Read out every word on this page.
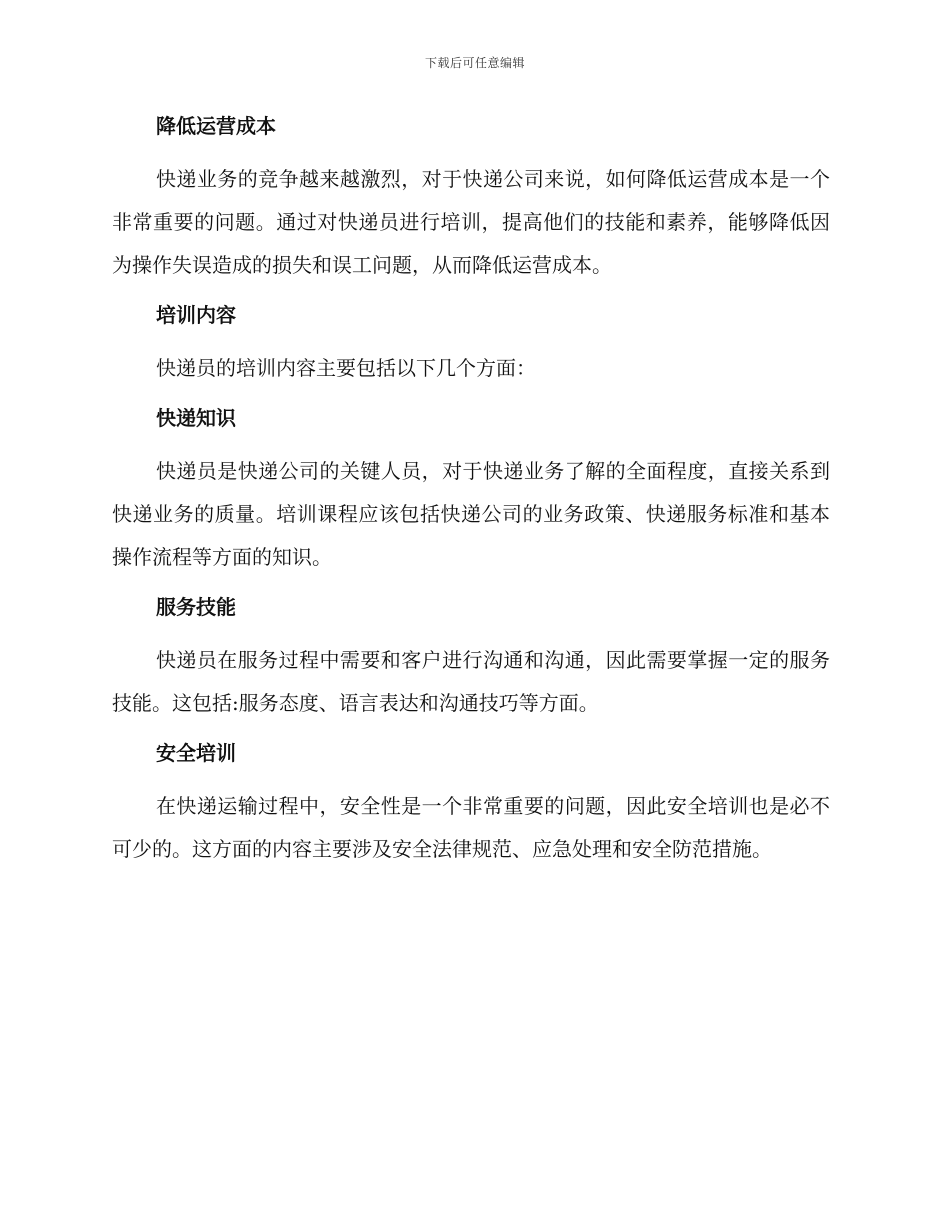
下载后可任意编辑
降低运营成本

快递业务的竞争越来越激烈，对于快递公司来说，如何降低运营成本是一个非常重要的问题。通过对快递员进行培训，提高他们的技能和素养，能够降低因为操作失误造成的损失和误工问题，从而降低运营成本。

培训内容

快递员的培训内容主要包括以下几个方面：

快递知识

快递员是快递公司的关键人员，对于快递业务了解的全面程度，直接关系到快递业务的质量。培训课程应该包括快递公司的业务政策、快递服务标准和基本操作流程等方面的知识。

服务技能

快递员在服务过程中需要和客户进行沟通和沟通，因此需要掌握一定的服务技能。这包括:服务态度、语言表达和沟通技巧等方面。

安全培训

在快递运输过程中，安全性是一个非常重要的问题，因此安全培训也是必不可少的。这方面的内容主要涉及安全法律规范、应急处理和安全防范措施。
